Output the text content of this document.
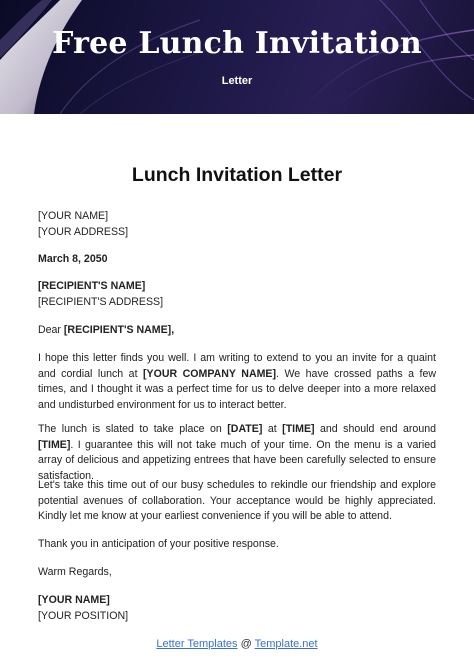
Free Lunch Invitation
Letter
Lunch Invitation Letter
[YOUR NAME]
[YOUR ADDRESS]
March 8, 2050
[RECIPIENT'S NAME]
[RECIPIENT'S ADDRESS]
Dear [RECIPIENT'S NAME],

I hope this letter finds you well. I am writing to extend to you an invite for a quaint and cordial lunch at [YOUR COMPANY NAME]. We have crossed paths a few times, and I thought it was a perfect time for us to delve deeper into a more relaxed and undisturbed environment for us to interact better.

The lunch is slated to take place on [DATE] at [TIME] and should end around [TIME]. I guarantee this will not take much of your time. On the menu is a varied array of delicious and appetizing entrees that have been carefully selected to ensure satisfaction.

Let's take this time out of our busy schedules to rekindle our friendship and explore potential avenues of collaboration. Your acceptance would be highly appreciated. Kindly let me know at your earliest convenience if you will be able to attend.

Thank you in anticipation of your positive response.
Warm Regards,
[YOUR NAME]
[YOUR POSITION]
Letter Templates @ Template.net
